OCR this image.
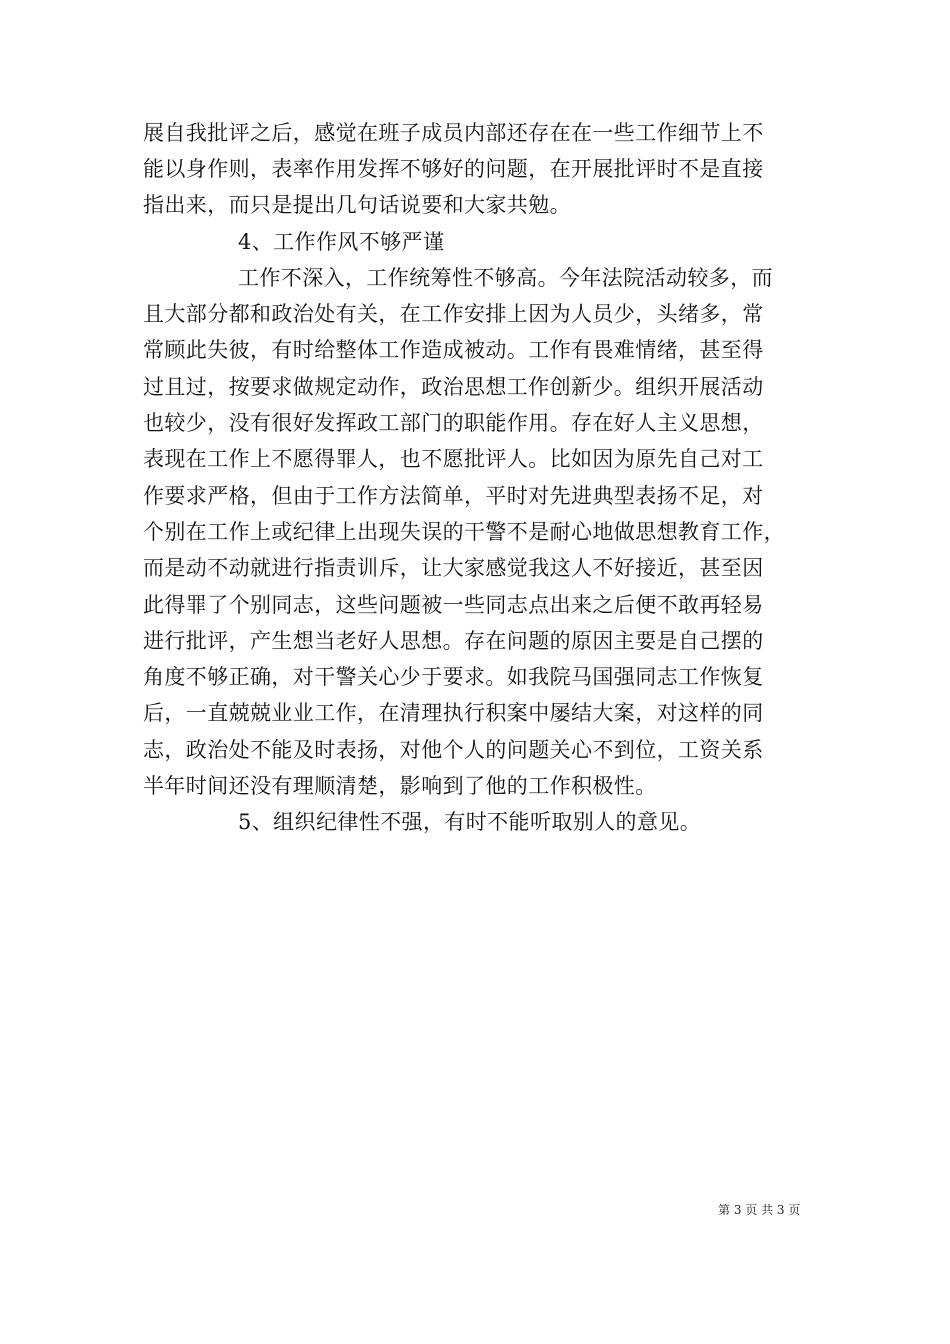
展自我批评之后，感觉在班子成员内部还存在在一些工作细节上不
能以身作则，表率作用发挥不够好的问题，在开展批评时不是直接
指出来，而只是提出几句话说要和大家共勉。
4、工作作风不够严谨
工作不深入，工作统筹性不够高。今年法院活动较多，而
且大部分都和政治处有关，在工作安排上因为人员少，头绪多，常
常顾此失彼，有时给整体工作造成被动。工作有畏难情绪，甚至得
过且过，按要求做规定动作，政治思想工作创新少。组织开展活动
也较少，没有很好发挥政工部门的职能作用。存在好人主义思想，
表现在工作上不愿得罪人，也不愿批评人。比如因为原先自己对工
作要求严格，但由于工作方法简单，平时对先进典型表扬不足，对
个别在工作上或纪律上出现失误的干警不是耐心地做思想教育工作，
而是动不动就进行指责训斥，让大家感觉我这人不好接近，甚至因
此得罪了个别同志，这些问题被一些同志点出来之后便不敢再轻易
进行批评，产生想当老好人思想。存在问题的原因主要是自己摆的
角度不够正确，对干警关心少于要求。如我院马国强同志工作恢复
后，一直兢兢业业工作，在清理执行积案中屡结大案，对这样的同
志，政治处不能及时表扬，对他个人的问题关心不到位，工资关系
半年时间还没有理顺清楚，影响到了他的工作积极性。
5、组织纪律性不强，有时不能听取别人的意见。
第 3 页 共 3 页
